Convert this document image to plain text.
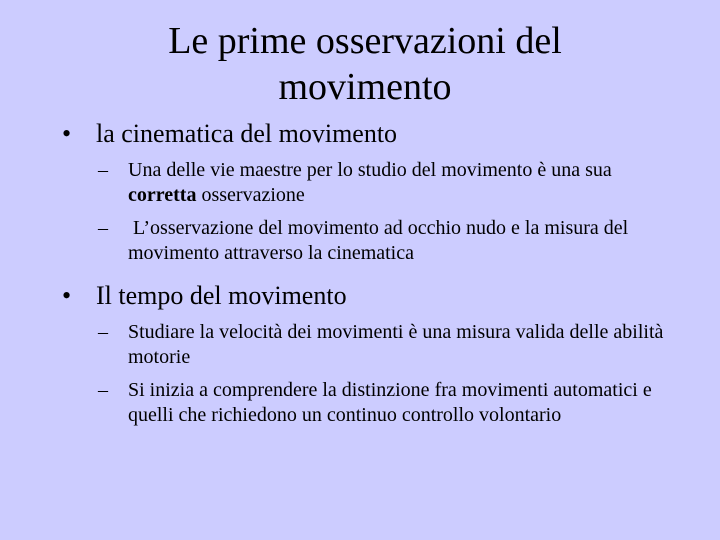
Le prime osservazioni del movimento
• la cinematica del movimento
–	Una delle vie maestre per lo studio del movimento è una sua corretta osservazione
–	L’osservazione del movimento ad occhio nudo e la misura del movimento attraverso la cinematica
• Il tempo del movimento
–	Studiare la velocità dei movimenti è una misura valida delle abilità motorie
–	Si inizia a comprendere la distinzione fra movimenti automatici e quelli che richiedono un continuo controllo volontario
